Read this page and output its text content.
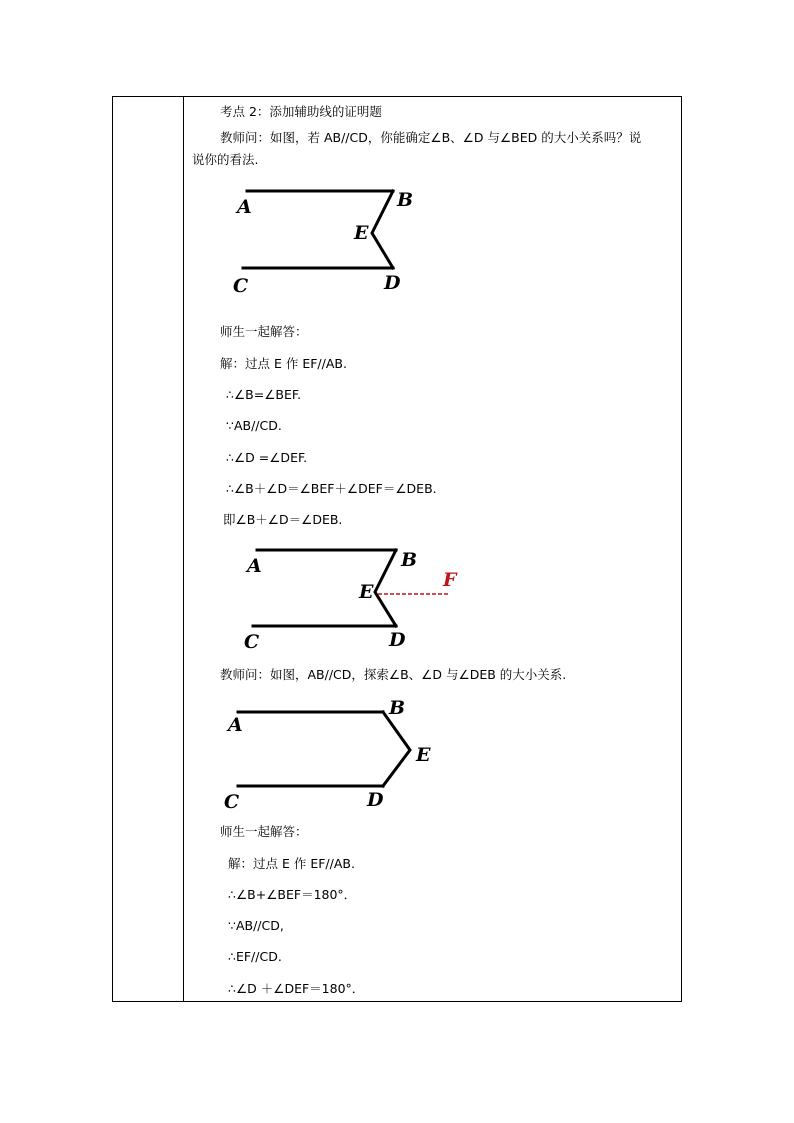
考点 2：添加辅助线的证明题
教师问：如图，若 AB//CD，你能确定∠B、∠D 与∠BED 的大小关系吗？说
说你的看法.
A	B
E
C	D
师生一起解答：
解：过点 E 作 EF//AB.
∴∠B=∠BEF.
∵AB//CD.
∴∠D =∠DEF.
∴∠B＋∠D＝∠BEF＋∠DEF＝∠DEB.
即∠B＋∠D＝∠DEB.
A	B
E
F
C	D
教师问：如图，AB//CD，探索∠B、∠D 与∠DEB 的大小关系.
A
B
E
C	D
师生一起解答：
解：过点 E 作 EF//AB.
∴∠B+∠BEF＝180°．
∵AB//CD,
∴EF//CD.
∴∠D ＋∠DEF＝180°．
